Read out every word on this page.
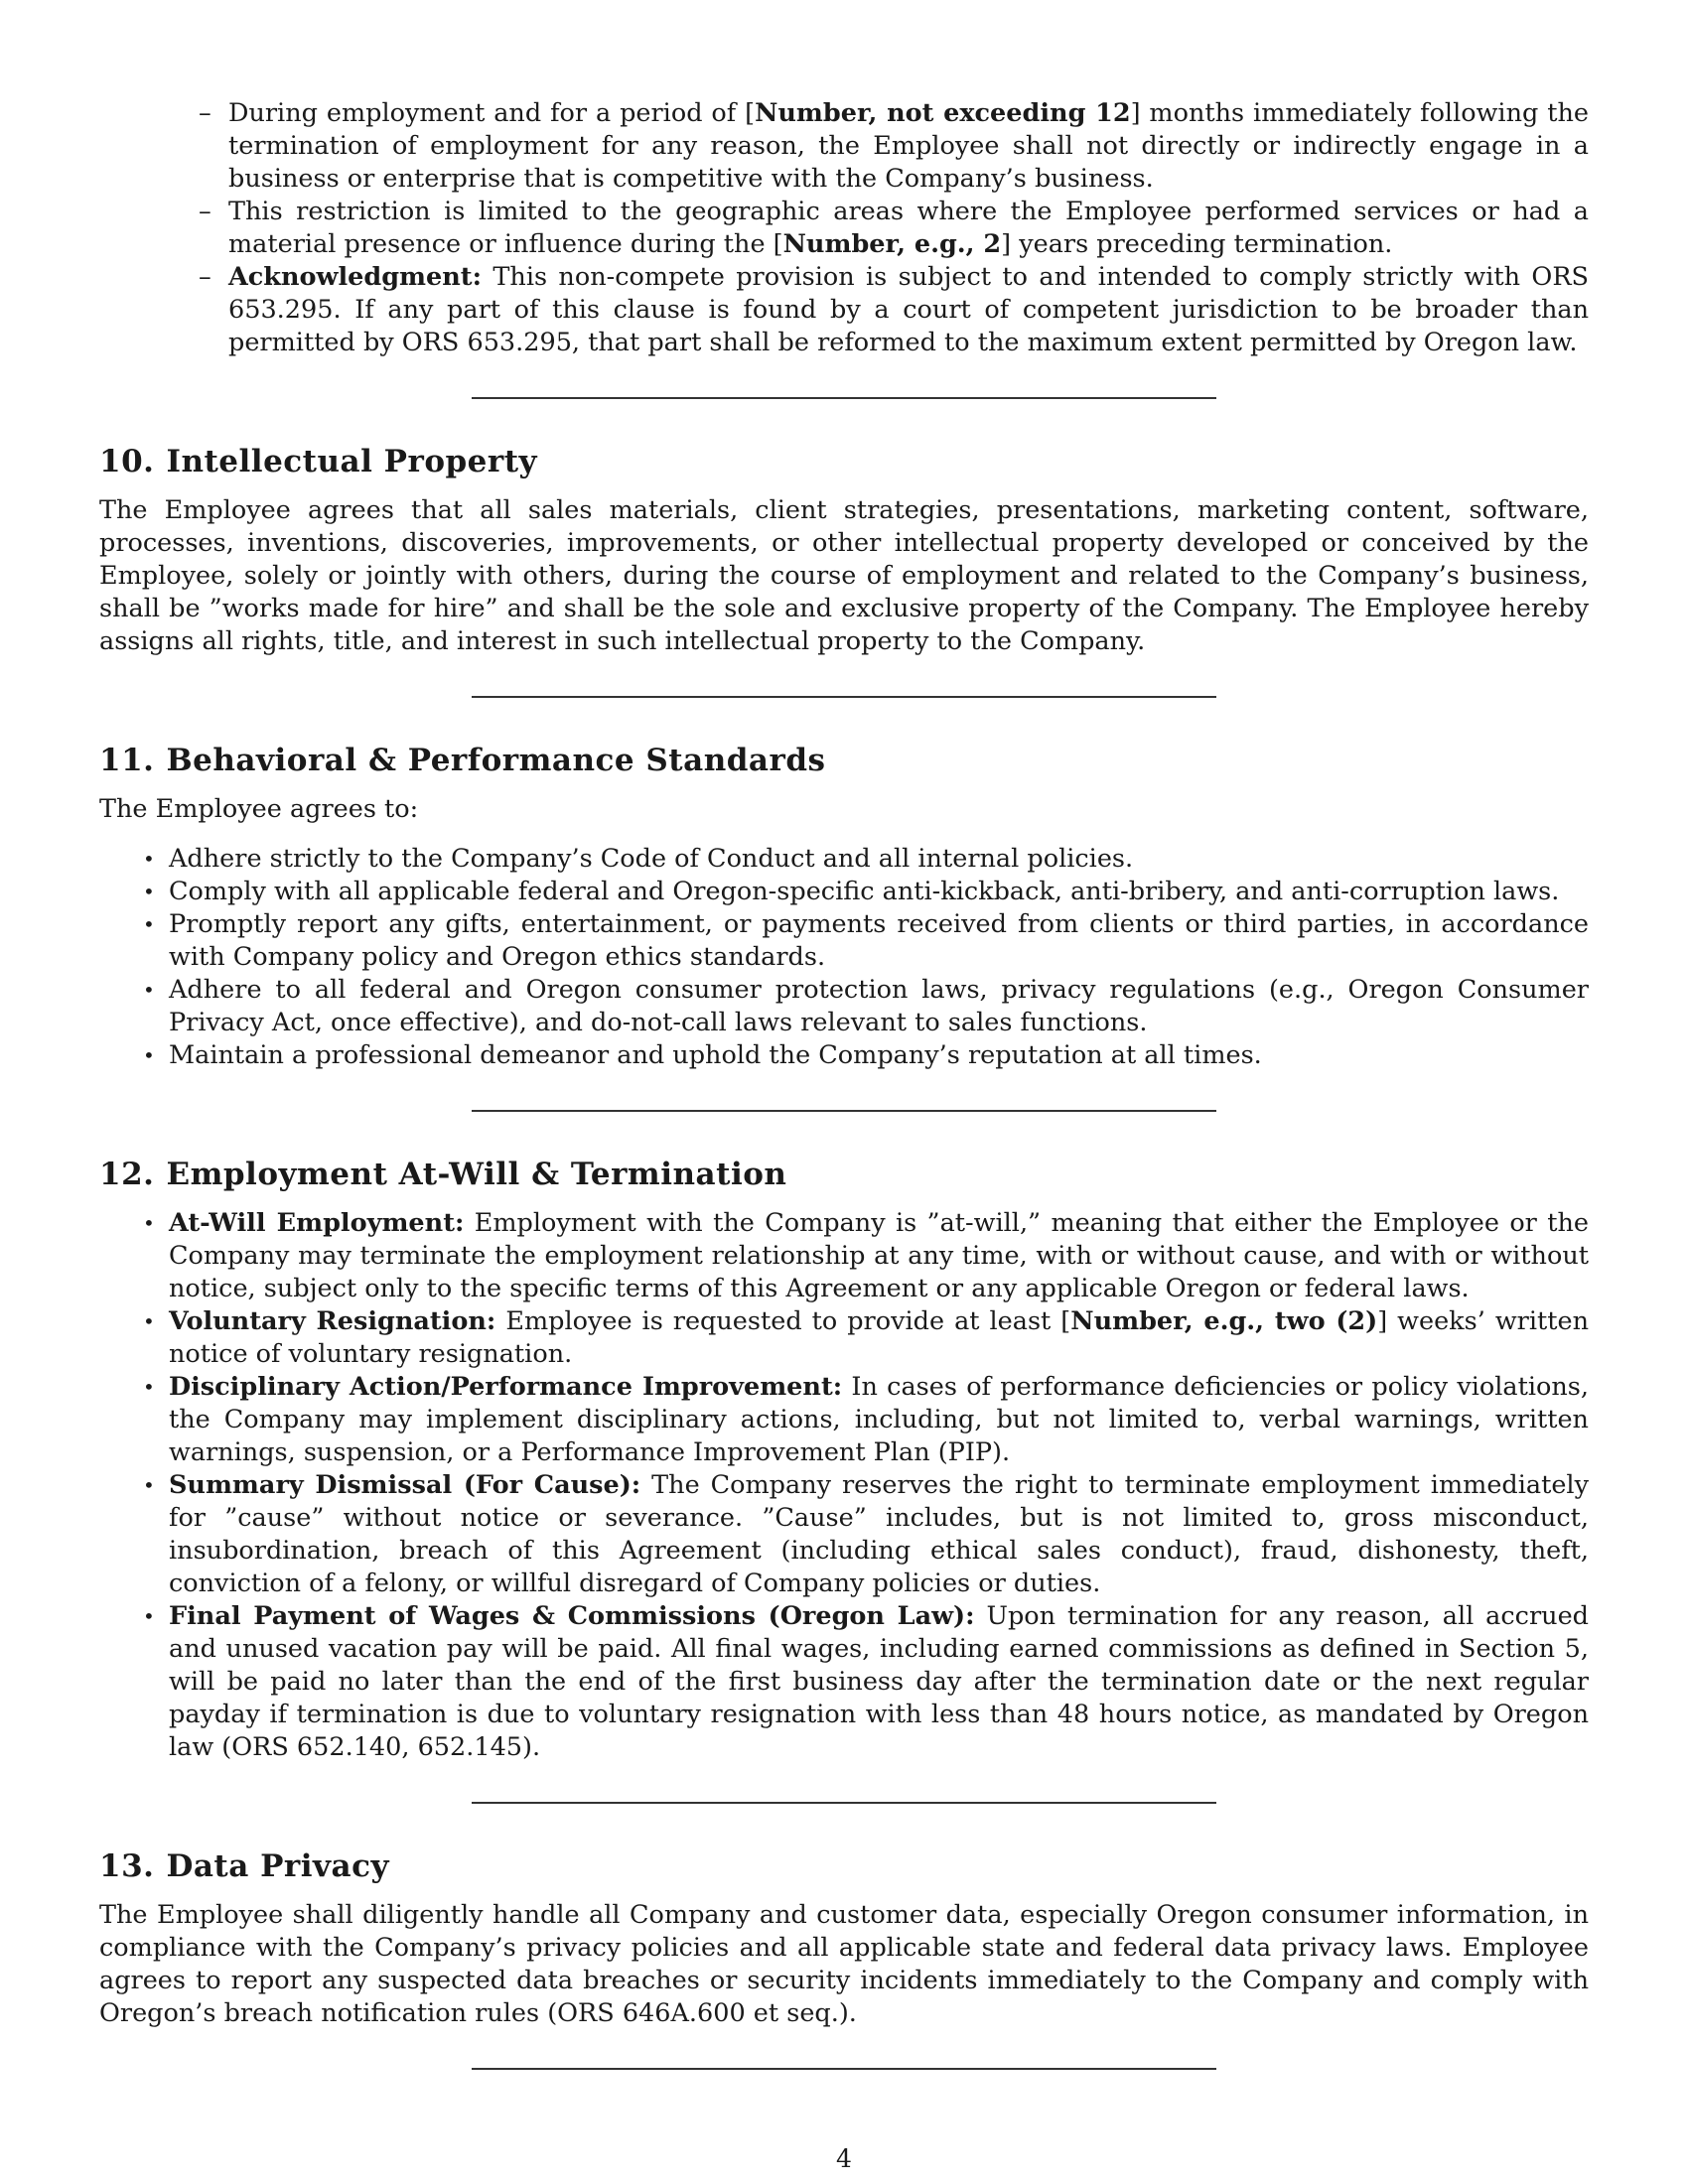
– During employment and for a period of [Number, not exceeding 12] months immediately following the termination of employment for any reason, the Employee shall not directly or indirectly engage in a business or enterprise that is competitive with the Company’s business.
– This restriction is limited to the geographic areas where the Employee performed services or had a material presence or influence during the [Number, e.g., 2] years preceding termination.
– Acknowledgment: This non-compete provision is subject to and intended to comply strictly with ORS 653.295. If any part of this clause is found by a court of competent jurisdiction to be broader than permitted by ORS 653.295, that part shall be reformed to the maximum extent permitted by Oregon law.
10. Intellectual Property

The Employee agrees that all sales materials, client strategies, presentations, marketing content, software, processes, inventions, discoveries, improvements, or other intellectual property developed or conceived by the Employee, solely or jointly with others, during the course of employment and related to the Company’s business, shall be ”works made for hire” and shall be the sole and exclusive property of the Company. The Employee hereby assigns all rights, title, and interest in such intellectual property to the Company.

11. Behavioral & Performance Standards

The Employee agrees to:

• Adhere strictly to the Company’s Code of Conduct and all internal policies.
• Comply with all applicable federal and Oregon-specific anti-kickback, anti-bribery, and anti-corruption laws.
• Promptly report any gifts, entertainment, or payments received from clients or third parties, in accordance with Company policy and Oregon ethics standards.
• Adhere to all federal and Oregon consumer protection laws, privacy regulations (e.g., Oregon Consumer Privacy Act, once effective), and do-not-call laws relevant to sales functions.
• Maintain a professional demeanor and uphold the Company’s reputation at all times.
12. Employment At-Will & Termination
• At-Will Employment: Employment with the Company is ”at-will,” meaning that either the Employee or the Company may terminate the employment relationship at any time, with or without cause, and with or without notice, subject only to the specific terms of this Agreement or any applicable Oregon or federal laws.
• Voluntary Resignation: Employee is requested to provide at least [Number, e.g., two (2)] weeks’ written notice of voluntary resignation.
• Disciplinary Action/Performance Improvement: In cases of performance deficiencies or policy violations, the Company may implement disciplinary actions, including, but not limited to, verbal warnings, written warnings, suspension, or a Performance Improvement Plan (PIP).
• Summary Dismissal (For Cause): The Company reserves the right to terminate employment immediately for ”cause” without notice or severance. ”Cause” includes, but is not limited to, gross misconduct, insubordination, breach of this Agreement (including ethical sales conduct), fraud, dishonesty, theft, conviction of a felony, or willful disregard of Company policies or duties.
• Final Payment of Wages & Commissions (Oregon Law): Upon termination for any reason, all accrued and unused vacation pay will be paid. All final wages, including earned commissions as defined in Section 5, will be paid no later than the end of the first business day after the termination date or the next regular payday if termination is due to voluntary resignation with less than 48 hours notice, as mandated by Oregon law (ORS 652.140, 652.145).
13. Data Privacy

The Employee shall diligently handle all Company and customer data, especially Oregon consumer information, in compliance with the Company’s privacy policies and all applicable state and federal data privacy laws. Employee agrees to report any suspected data breaches or security incidents immediately to the Company and comply with Oregon’s breach notification rules (ORS 646A.600 et seq.).

4
